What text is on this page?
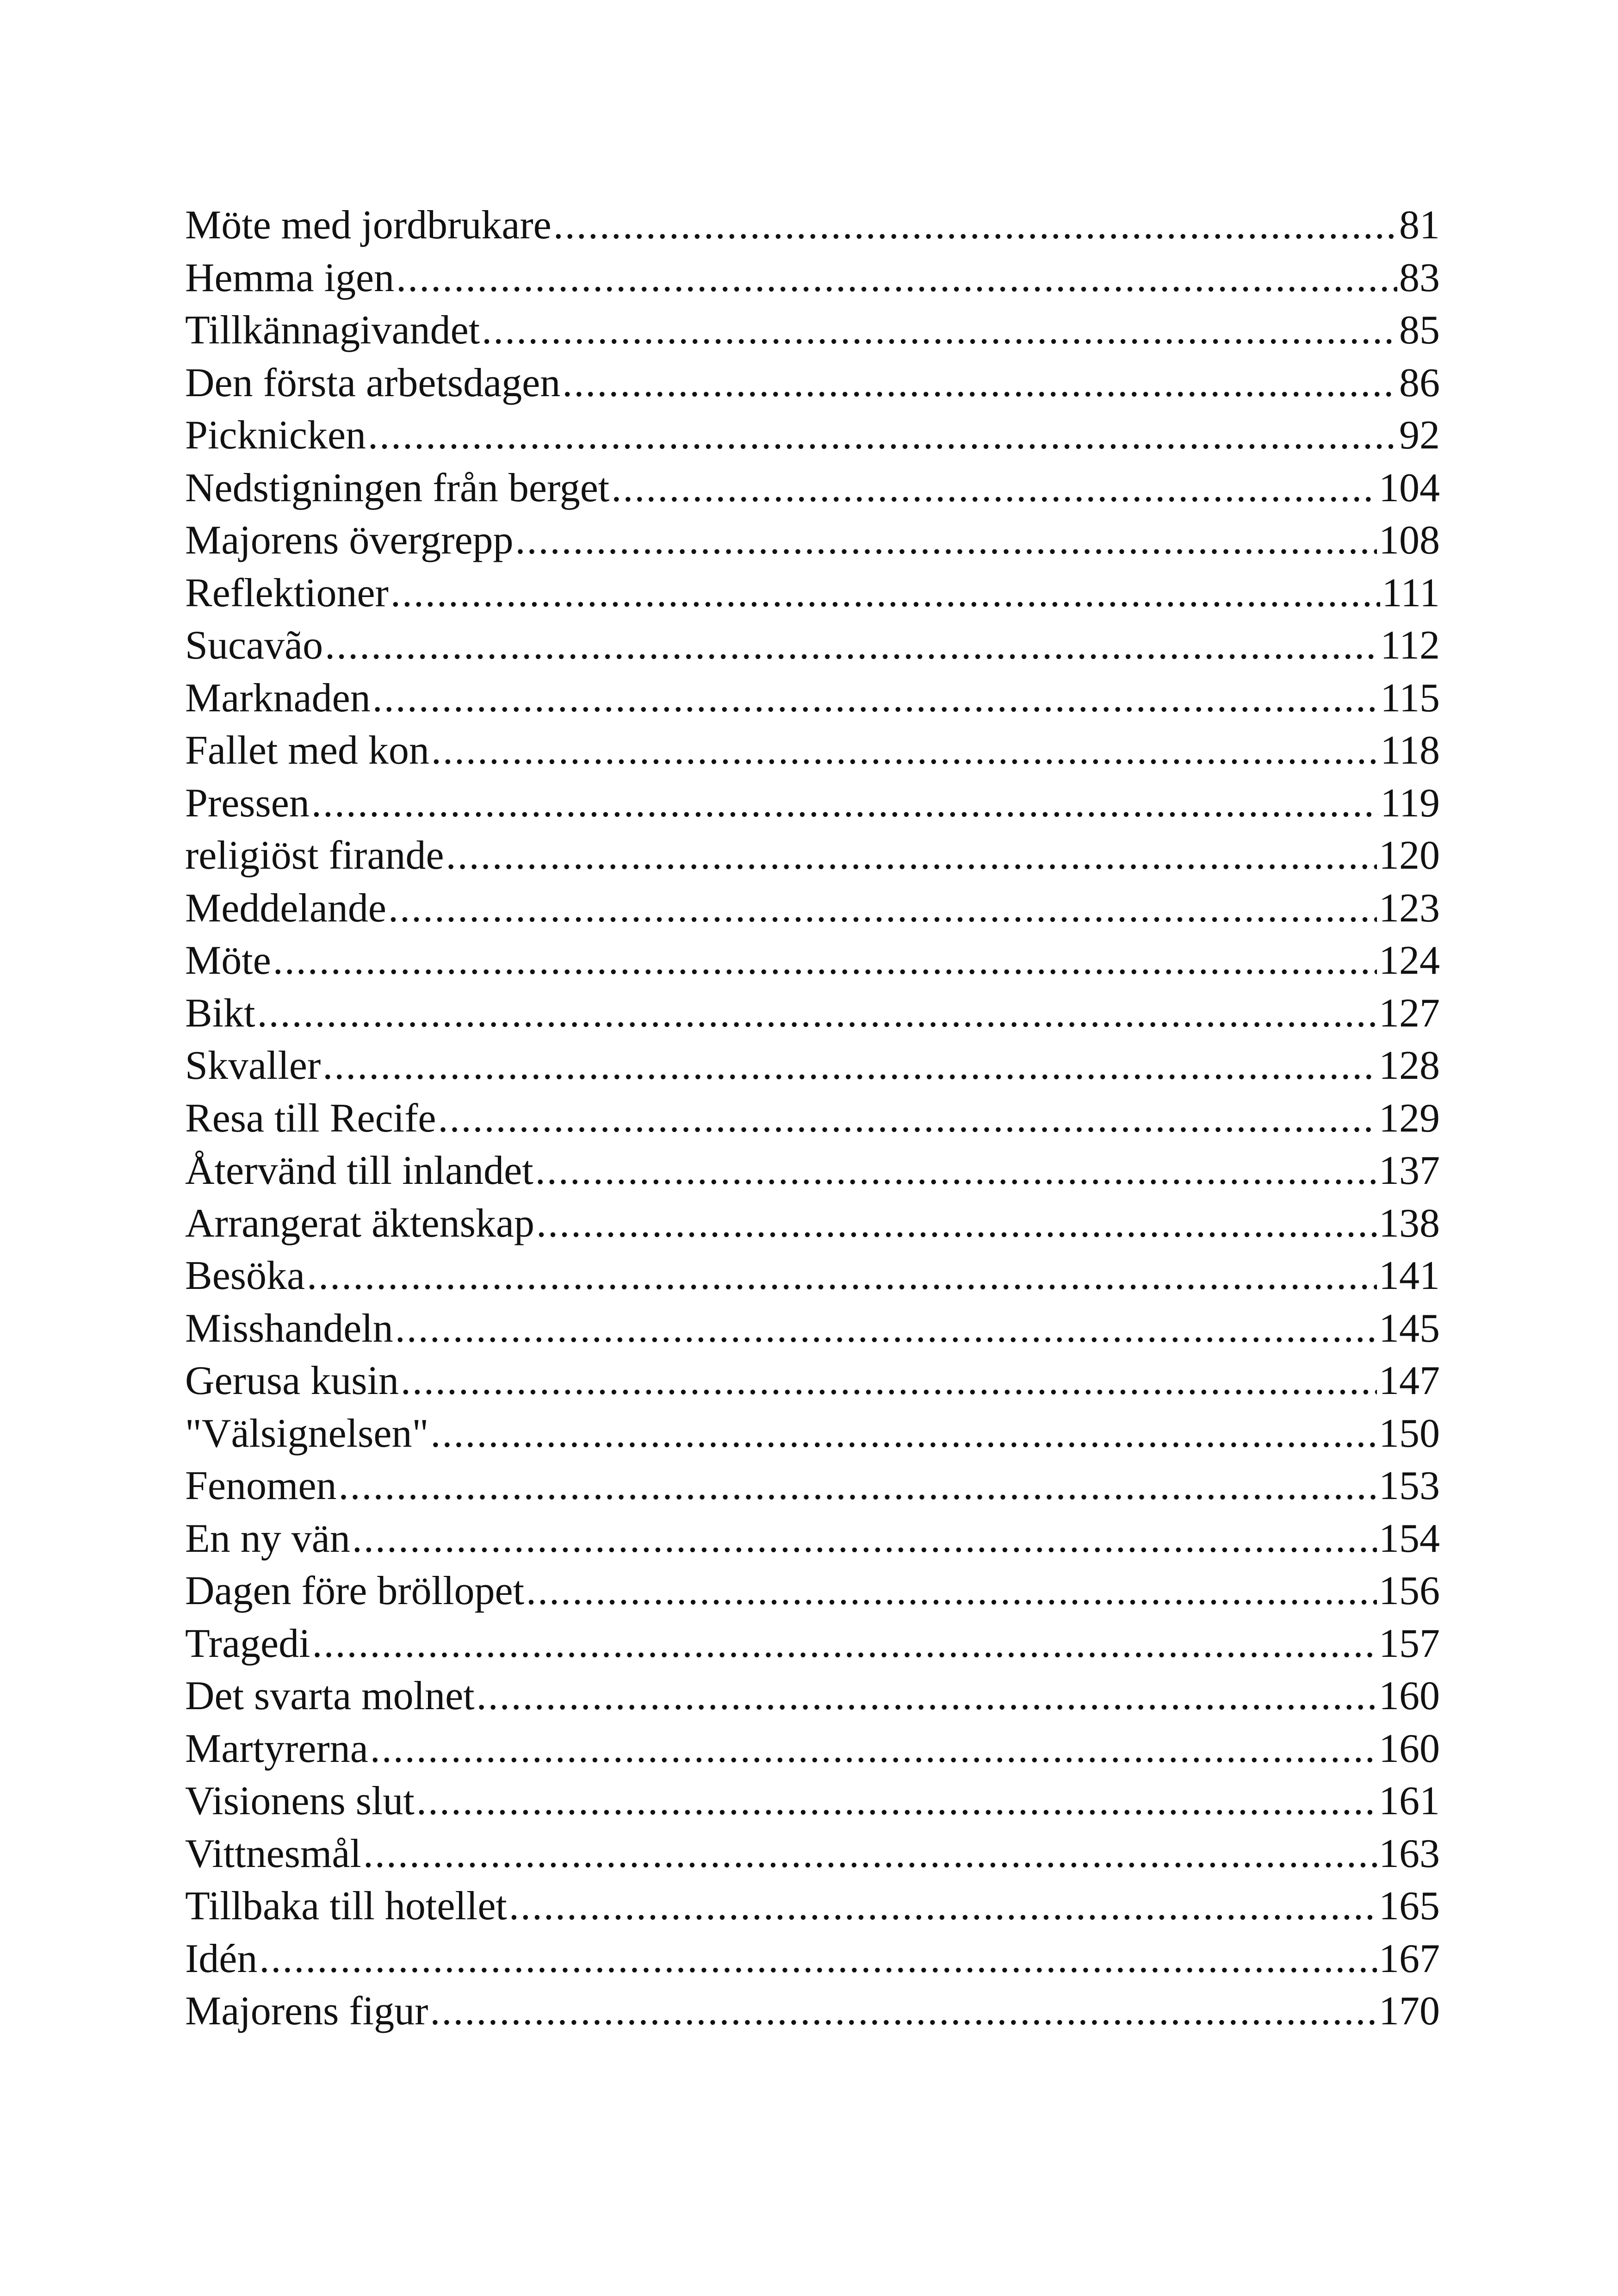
Möte med jordbrukare .....	81
Hemma igen .....	83
Tillkännagivandet .....	85
Den första arbetsdagen .....	86
Picknicken .....	92
Nedstigningen från berget .....	104
Majorens övergrepp .....	108
Reflektioner .....	111
Sucavão .....	112
Marknaden .....	115
Fallet med kon .....	118
Pressen .....	119
religiöst firande .....	120
Meddelande .....	123
Möte .....	124
Bikt .....	127
Skvaller .....	128
Resa till Recife .....	129
Återvänd till inlandet .....	137
Arrangerat äktenskap .....	138
Besöka .....	141
Misshandeln .....	145
Gerusa kusin .....	147
"Välsignelsen" .....	150
Fenomen .....	153
En ny vän .....	154
Dagen före bröllopet .....	156
Tragedi .....	157
Det svarta molnet .....	160
Martyrerna .....	160
Visionens slut .....	161
Vittnesmål .....	163
Tillbaka till hotellet .....	165
Idén .....	167
Majorens figur .....	170
